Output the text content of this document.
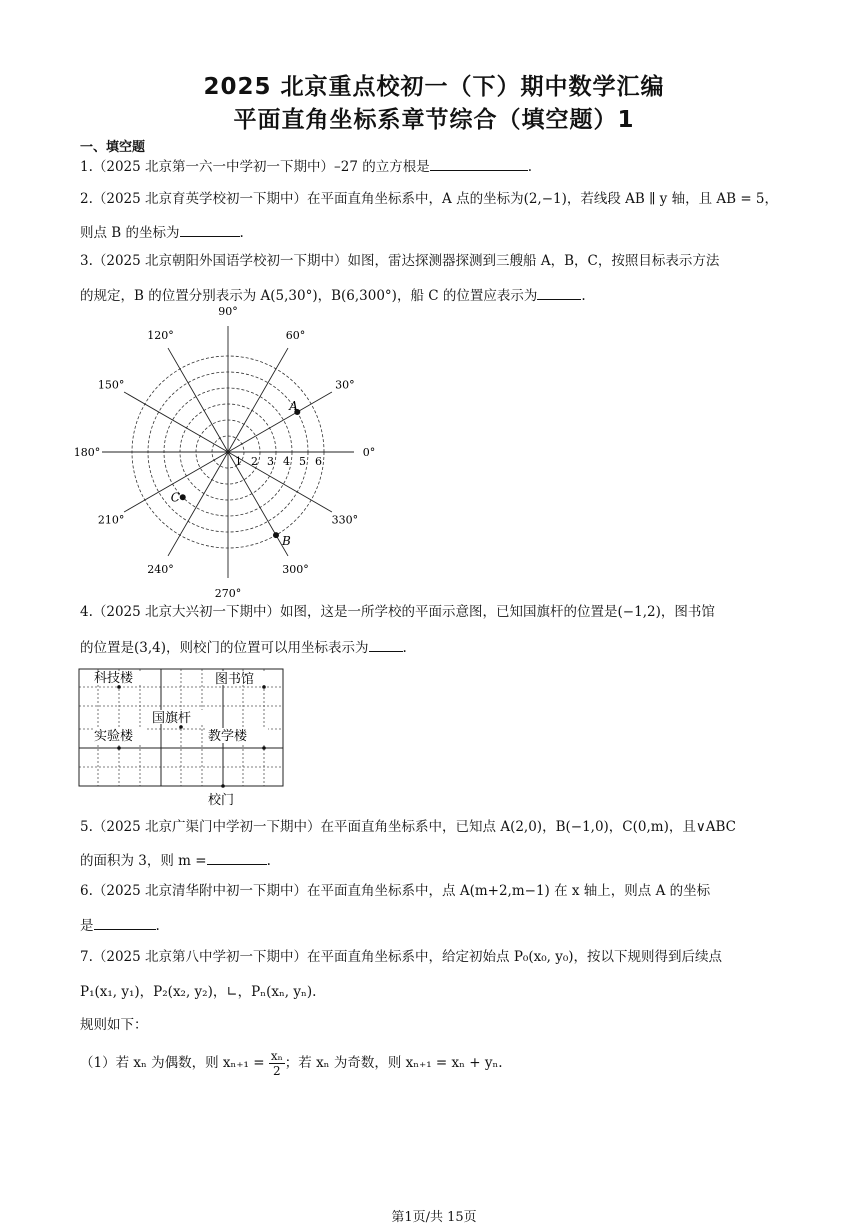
2025 北京重点校初一（下）期中数学汇编
平面直角坐标系章节综合（填空题）1
一、填空题
1.（2025 北京第一六一中学初一下期中）–27 的立方根是	.
2.（2025 北京育英学校初一下期中）在平面直角坐标系中，A 点的坐标为(2,−1)，若线段 AB ∥ y 轴，且 AB = 5，
则点 B 的坐标为	.
3.（2025 北京朝阳外国语学校初一下期中）如图，雷达探测器探测到三艘船 A，B，C，按照目标表示方法
的规定，B 的位置分别表示为 A(5,30°)，B(6,300°)，船 C 的位置应表示为	.
0°
30°
60°
90°
120°
150°
180°
210°
240°
270°
300°
330°
1 2 3 4 5 6
A
B
C
4.（2025 北京大兴初一下期中）如图，这是一所学校的平面示意图，已知国旗杆的位置是(−1,2)，图书馆
的位置是(3,4)，则校门的位置可以用坐标表示为	.
科技楼	图书馆
国旗杆
实验楼	教学楼
校门
5.（2025 北京广渠门中学初一下期中）在平面直角坐标系中，已知点 A(2,0)，B(−1,0)，C(0,m)，且∨ABC
的面积为 3，则 m =	.
6.（2025 北京清华附中初一下期中）在平面直角坐标系中，点 A(m+2,m−1) 在 x 轴上，则点 A 的坐标
是	.
7.（2025 北京第八中学初一下期中）在平面直角坐标系中，给定初始点 P₀(x₀, y₀)，按以下规则得到后续点
P₁(x₁, y₁)，P₂(x₂, y₂)，∟，Pₙ(xₙ, yₙ).
规则如下：
（1）若 xₙ 为偶数，则 $x_{n+1} = \frac{\text{xₙ}}{2}$ ；若 xₙ 为奇数，则 xₙ₊₁ = xₙ + yₙ.
第1页/共 15页
